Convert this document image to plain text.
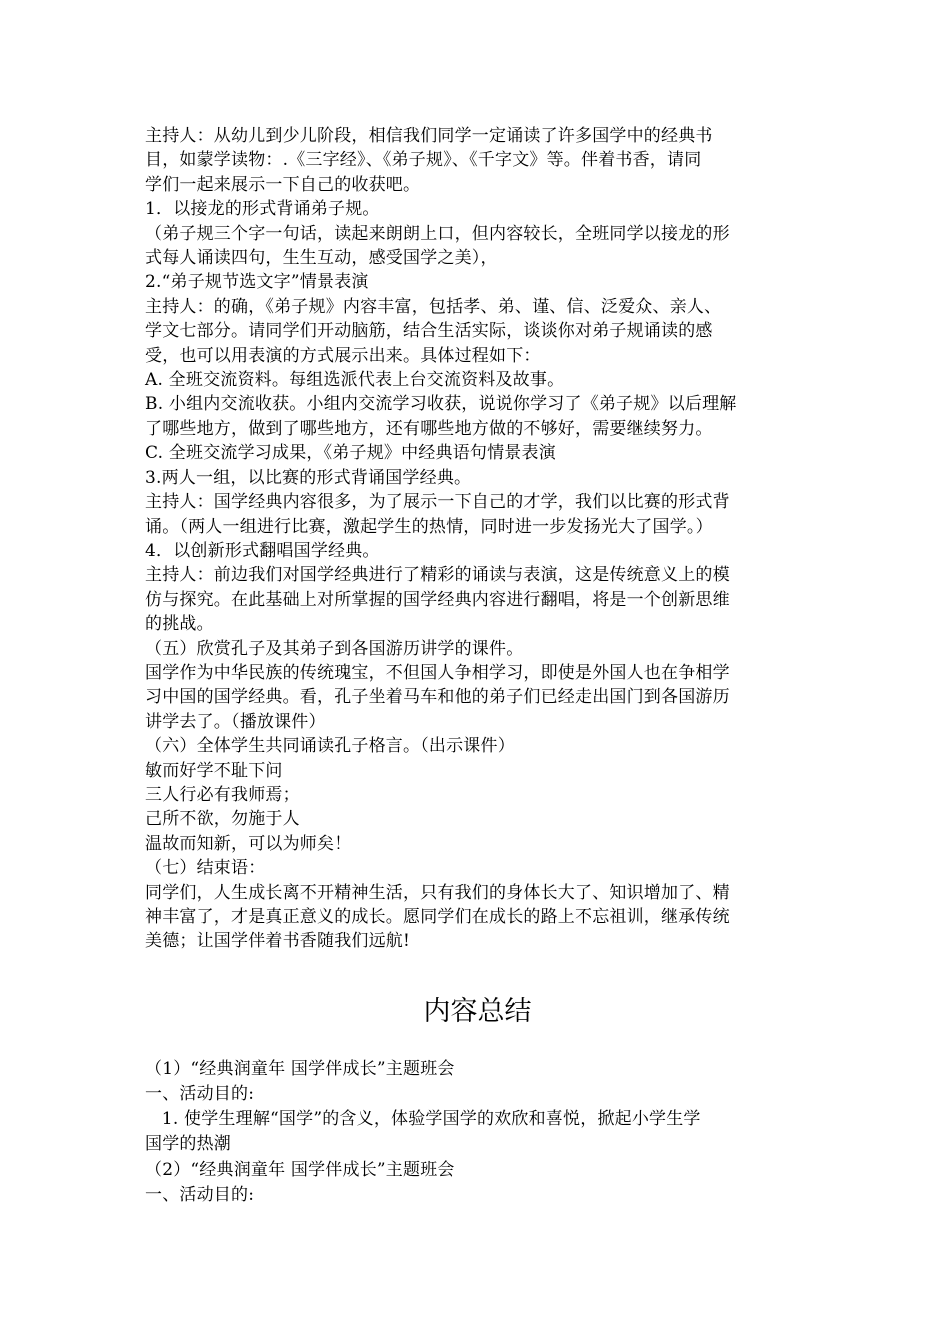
主持人：从幼儿到少儿阶段，相信我们同学一定诵读了许多国学中的经典书
目，如蒙学读物：.《三字经》、《弟子规》、《千字文》等。伴着书香，请同
学们一起来展示一下自己的收获吧。
1．以接龙的形式背诵弟子规。
（弟子规三个字一句话，读起来朗朗上口，但内容较长，全班同学以接龙的形
式每人诵读四句，生生互动，感受国学之美），
2.“弟子规节选文字”情景表演
主持人：的确，《弟子规》内容丰富，包括孝、弟、谨、信、泛爱众、亲人、
学文七部分。请同学们开动脑筋，结合生活实际，谈谈你对弟子规诵读的感
受，也可以用表演的方式展示出来。具体过程如下：
A. 全班交流资料。每组选派代表上台交流资料及故事。
B. 小组内交流收获。小组内交流学习收获，说说你学习了《弟子规》以后理解
了哪些地方，做到了哪些地方，还有哪些地方做的不够好，需要继续努力。
C. 全班交流学习成果，《弟子规》中经典语句情景表演
3.两人一组，以比赛的形式背诵国学经典。
主持人：国学经典内容很多，为了展示一下自己的才学，我们以比赛的形式背
诵。（两人一组进行比赛，激起学生的热情，同时进一步发扬光大了国学。）
4．以创新形式翻唱国学经典。
主持人：前边我们对国学经典进行了精彩的诵读与表演，这是传统意义上的模
仿与探究。在此基础上对所掌握的国学经典内容进行翻唱，将是一个创新思维
的挑战。
（五）欣赏孔子及其弟子到各国游历讲学的课件。
国学作为中华民族的传统瑰宝，不但国人争相学习，即使是外国人也在争相学
习中国的国学经典。看，孔子坐着马车和他的弟子们已经走出国门到各国游历
讲学去了。（播放课件）
（六）全体学生共同诵读孔子格言。（出示课件）
敏而好学不耻下问
三人行必有我师焉；
己所不欲，勿施于人
温故而知新，可以为师矣！
（七）结束语：
同学们，人生成长离不开精神生活，只有我们的身体长大了、知识增加了、精
神丰富了，才是真正意义的成长。愿同学们在成长的路上不忘祖训，继承传统
美德；让国学伴着书香随我们远航!
内容总结
（1）“经典润童年 国学伴成长”主题班会
一、活动目的:
1. 使学生理解“国学”的含义，体验学国学的欢欣和喜悦，掀起小学生学
国学的热潮
（2）“经典润童年 国学伴成长”主题班会
一、活动目的:
